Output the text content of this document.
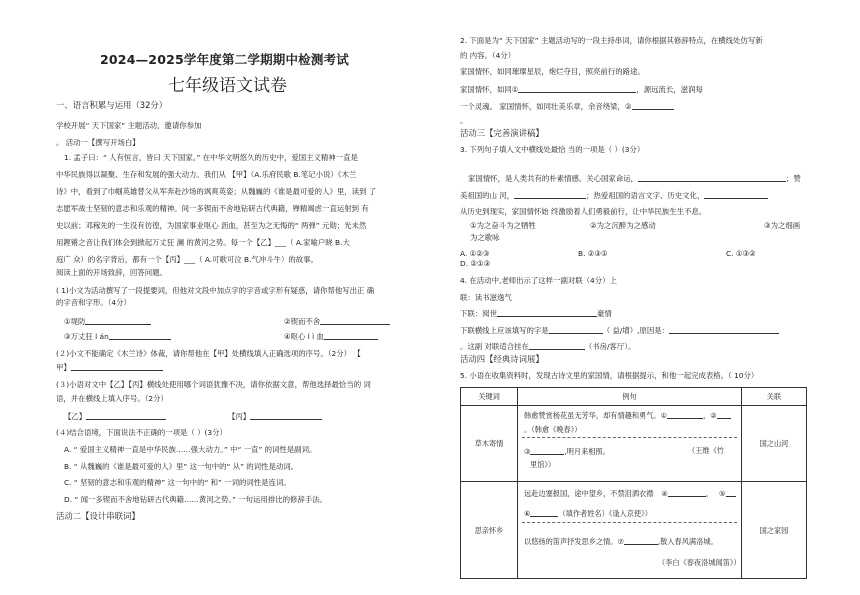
2024—2025学年度第二学期期中检测考试
七年级语文试卷
一、语言积累与运用（32分）
学校开展“ 天下国家” 主题活动，邀请你参加
。 活动一【撰写开场白】
1. 孟子曰：“ 人有恒言，皆曰 天下国家。” 在中华文明悠久的历史中，爱国主义精神一直是
中华民族得以凝聚、生存和发展的强大动力。我们从 【甲】（A.乐府民歌 B.笔记小说）《木兰
诗》中，看到了巾帼英雄替父从军奔赴沙场的飒爽英姿；从魏巍的《谁是最可爱的人》里，读到 了
志愿军战士坚韧的意志和乐观的精神。间一多锲而不舍地钻研古代典籍，殚精竭虑一直运射到 有
史以前；邓稼先的一生没有彷徨，为国家事业呕心 沥血，甚至为之无悔的“ 两弹” 元勋；光未然
用鏗锵之音让我们体会到掀起万丈狂 澜 的黄河之势。每一个【乙】___（ A.家喻户晓 B.大
庭广 众）的名字背后，都有一个【丙】___（ A.可歌可泣 B.气冲斗牛）的故事。
阅读上面的开场致辞，回答问题。
( 1)小文为活动撰写了一段提要词，但他对文段中加点字的字音或字形有疑惑，请你帮他写出正 确
的字音和字形。（4分）
①堤防	②锲而不舍
③万丈狂 l án	④呕心 l ì 血
(２)小文不能确定《木兰诗》体裁，请你帮他在【甲】处横线填入正确选项的序号。（2分） 【
甲】
(３)小语对文中【乙】【丙】横线处使用哪个词语犹豫不决，请你依据文意，帮他选择最恰当的 词
语，并在横线上填入序号。（2分）
【乙】	【丙】
(４)结合语境，下面说法不正确的一项是（ ）(3分）
A. “ 爱国主义精神一直是中华民族……强大动力。” 中“ 一直” 的词性是副词。
B. “ 从魏巍的《谁是最可爱的人》里” 这一句中的“ 从” 的词性是动词。
C. “ 坚韧的意志和乐观的精神” 这一句中的“ 和” 一词的词性是连词。
D. “ 闻一多锲而不舍地钻研古代典籍……黄河之势。” 一句运用排比的修辞手法。
活动二【设计串联词】
2. 下面是为“ 天下国家” 主题活动写的一段主持串词，请你根据其修辞特点，在横线处仿写新
的 内容。（4分）
家国情怀，如同璀璨星辰，炮烂夺目，照亮前行的路途。
家国情怀，如同①	，源远流长，滋润每
一个灵魂。 家国情怀，如同壮美乐章，余音绕梁，②
。
活动三【完善演讲稿】
3. 下列句子填入文中横线处最恰 当的一项是（ ）(3分）
家国情怀，是人类共有的朴素情感。关心国家命运，	；赞
美祖国的山 河，	；热爱祖国的语言文字、历史文化，
从历史到现实，家国情怀始 终激励着人们勇毅前行，让中华民族生生不息。
①为之奋斗为之牺牲	②为之沉醉为之感动	③为之细画
为之歌咏
A. ①②③	B. ②③①	C. ①③②
D. ②①③
4. 在活动中,老师出示了这样一副对联（4分）上
联：读书滋逸气
下联：阅世	豪情
下联横线上应该填写的字是	（ 益/增）,原因是：
。这副 对联适合挂在	（书房/客厅）。
活动四【经典诗词展】
5. 小语在收集资料时，发现古诗文里的家国情，请根据提示，和他一起完成表格。（ 10分）
关键词	例句	关联
草木寄情	韩愈赞赏杨花虽无芳华，却有情趣和勇气。① ，②
。（韩愈《晚春》）
③ ,明月来相照。 （王维《竹
里馆》）	国之山河
思亲怀乡	远赴边塞报国，途中望乡，不禁泪洒衣襟 ④ ， ⑤
⑥ （填作者姓名）《逢入京使》）
以悠扬的笛声抒发思乡之情。⑦ ,散入春风满洛城。
（李白《春夜洛城闻笛》）	国之家园
